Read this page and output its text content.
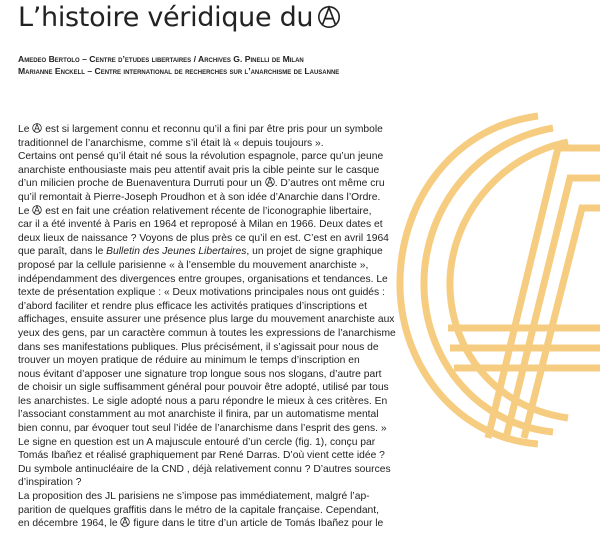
L’histoire véridique du
Amedeo Bertolo – Centre d’etudes libertaires / Archives G. Pinelli de Milan
Marianne Enckell – Centre international de recherches sur l’anarchisme de Lausanne

Le  est si largement connu et reconnu qu’il a fini par être pris pour un symbole

traditionnel de l’anarchisme, comme s’il était là « depuis toujours ».

Certains ont pensé qu’il était né sous la révolution espagnole, parce qu’un jeune

anarchiste enthousiaste mais peu attentif avait pris la cible peinte sur le casque

d’un milicien proche de Buenaventura Durruti pour un . D’autres ont même cru

qu’il remontait à Pierre-Joseph Proudhon et à son idée d’Anarchie dans l’Ordre.

Le  est en fait une création relativement récente de l’iconographie libertaire,

car il a été inventé à Paris en 1964 et reproposé à Milan en 1966. Deux dates et

deux lieux de naissance ? Voyons de plus près ce qu’il en est. C’est en avril 1964

que paraît, dans le Bulletin des Jeunes Libertaires, un projet de signe graphique

proposé par la cellule parisienne « à l’ensemble du mouvement anarchiste »,

indépendamment des divergences entre groupes, organisations et tendances. Le

texte de présentation explique : « Deux motivations principales nous ont guidés :

d’abord faciliter et rendre plus efficace les activités pratiques d’inscriptions et

affichages, ensuite assurer une présence plus large du mouvement anarchiste aux

yeux des gens, par un caractère commun à toutes les expressions de l’anarchisme

dans ses manifestations publiques. Plus précisément, il s’agissait pour nous de

trouver un moyen pratique de réduire au minimum le temps d’inscription en

nous évitant d’apposer une signature trop longue sous nos slogans, d’autre part

de choisir un sigle suffisamment général pour pouvoir être adopté, utilisé par tous

les anarchistes. Le sigle adopté nous a paru répondre le mieux à ces critères. En

l’associant constamment au mot anarchiste il finira, par un automatisme mental

bien connu, par évoquer tout seul l’idée de l’anarchisme dans l’esprit des gens. »

Le signe en question est un A majuscule entouré d’un cercle (fig. 1), conçu par

Tomás Ibañez et réalisé graphiquement par René Darras. D’où vient cette idée ?

Du symbole antinucléaire de la CND , déjà relativement connu ? D’autres sources

d’inspiration ?

La proposition des JL parisiens ne s’impose pas immédiatement, malgré l’ap-

parition de quelques graffitis dans le métro de la capitale française. Cependant,

en décembre 1964, le  figure dans le titre d’un article de Tomás Ibañez pour le
